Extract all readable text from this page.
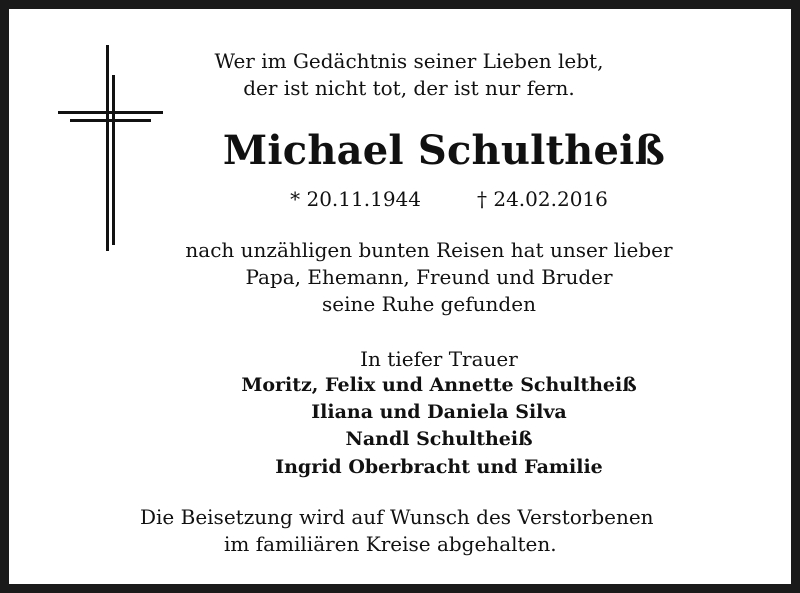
Wer im Gedächtnis seiner Lieben lebt,
der ist nicht tot, der ist nur fern.
Michael Schultheiß
* 20.11.1944	† 24.02.2016
nach unzähligen bunten Reisen hat unser lieber
Papa, Ehemann, Freund und Bruder
seine Ruhe gefunden
In tiefer Trauer
Moritz, Felix und Annette Schultheiß
Iliana und Daniela Silva
Nandl Schultheiß
Ingrid Oberbracht und Familie
Die Beisetzung wird auf Wunsch des Verstorbenen
im familiären Kreise abgehalten.
